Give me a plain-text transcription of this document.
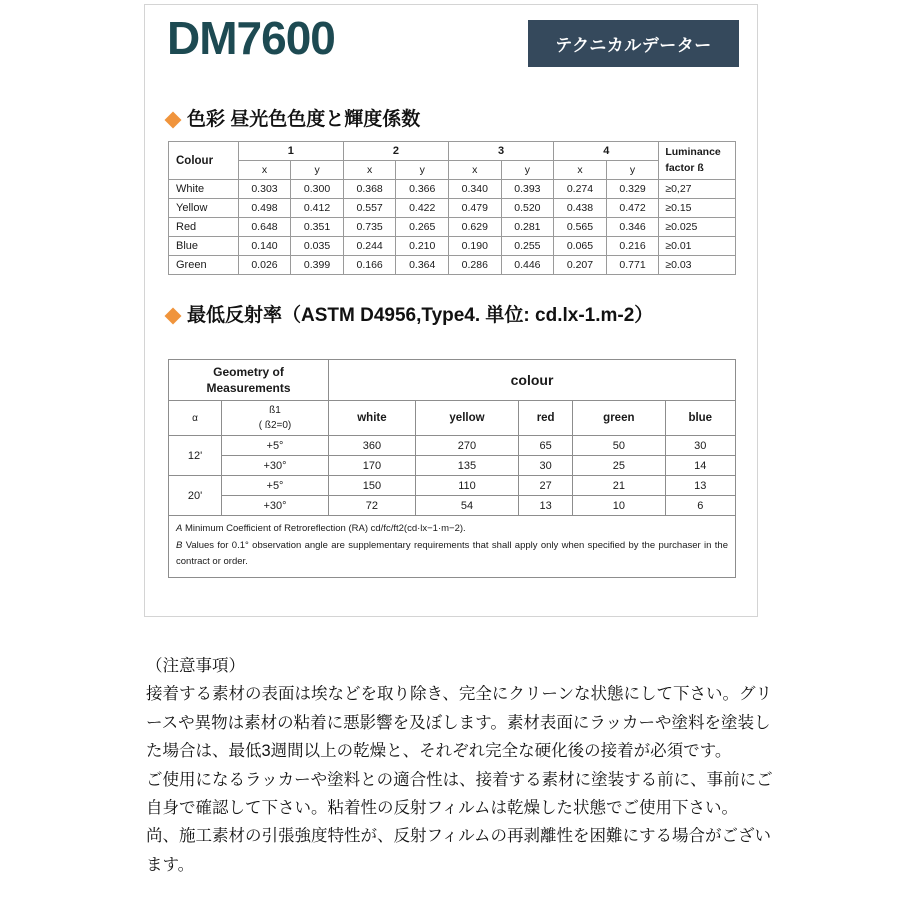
DM7600	テクニカルデーター
色彩 昼光色色度と輝度係数
Colour	1		2		3		4		Luminance
factor ß
	x	y	x	y	x	y	x	y	
White	0.303	0.300	0.368	0.366	0.340	0.393	0.274	0.329	≥0,27
Yellow	0.498	0.412	0.557	0.422	0.479	0.520	0.438	0.472	≥0.15
Red	0.648	0.351	0.735	0.265	0.629	0.281	0.565	0.346	≥0.025
Blue	0.140	0.035	0.244	0.210	0.190	0.255	0.065	0.216	≥0.01
Green	0.026	0.399	0.166	0.364	0.286	0.446	0.207	0.771	≥0.03
最低反射率（ASTM D4956,Type4. 単位: cd.lx-1.m-2）
Geometry of
Measurements		colour				
α	ß1
( ß2=0)	white	yellow	red	green	blue
12'	+5°	360	270	65	50	30
	+30°	170	135	30	25	14
20'	+5°	150	110	27	21	13
	+30°	72	54	13	10	6

A Minimum Coefficient of Retroreflection (RA) cd/fc/ft2(cd·lx−1·m−2).
B Values for 0.1° observation angle are supplementary requirements that shall apply only when specified by the purchaser in the contract or order.						

（注意事項）

接着する素材の表面は埃などを取り除き、完全にクリーンな状態にして下さい。グリースや異物は素材の粘着に悪影響を及ぼします。素材表面にラッカーや塗料を塗装した場合は、最低3週間以上の乾燥と、それぞれ完全な硬化後の接着が必須です。

ご使用になるラッカーや塗料との適合性は、接着する素材に塗装する前に、事前にご自身で確認して下さい。粘着性の反射フィルムは乾燥した状態でご使用下さい。

尚、施工素材の引張強度特性が、反射フィルムの再剥離性を困難にする場合がございます。
